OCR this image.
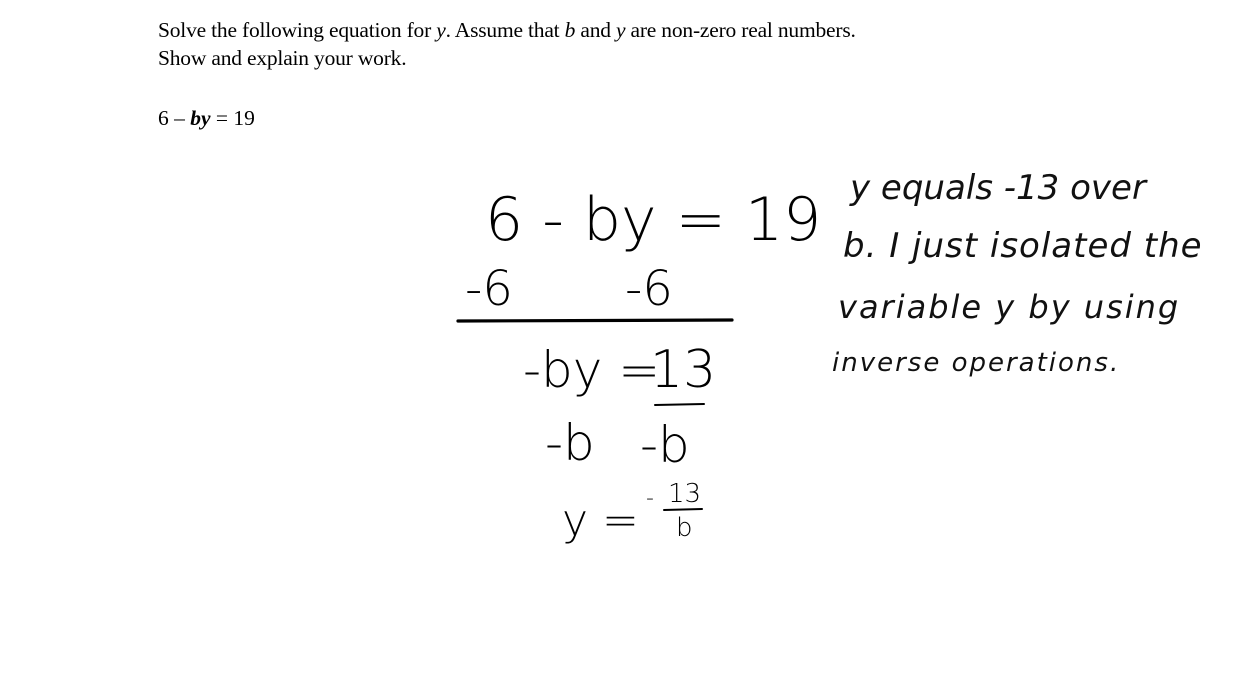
Solve the following equation for y. Assume that b and y are non-zero real numbers.

Show and explain your work.

6 – by = 19
6 - by = 19
-6 -6
-by =
13
-b -b
y = - 13
b
y equals -13 over
b. I just isolated the
variable y by using
inverse operations.
